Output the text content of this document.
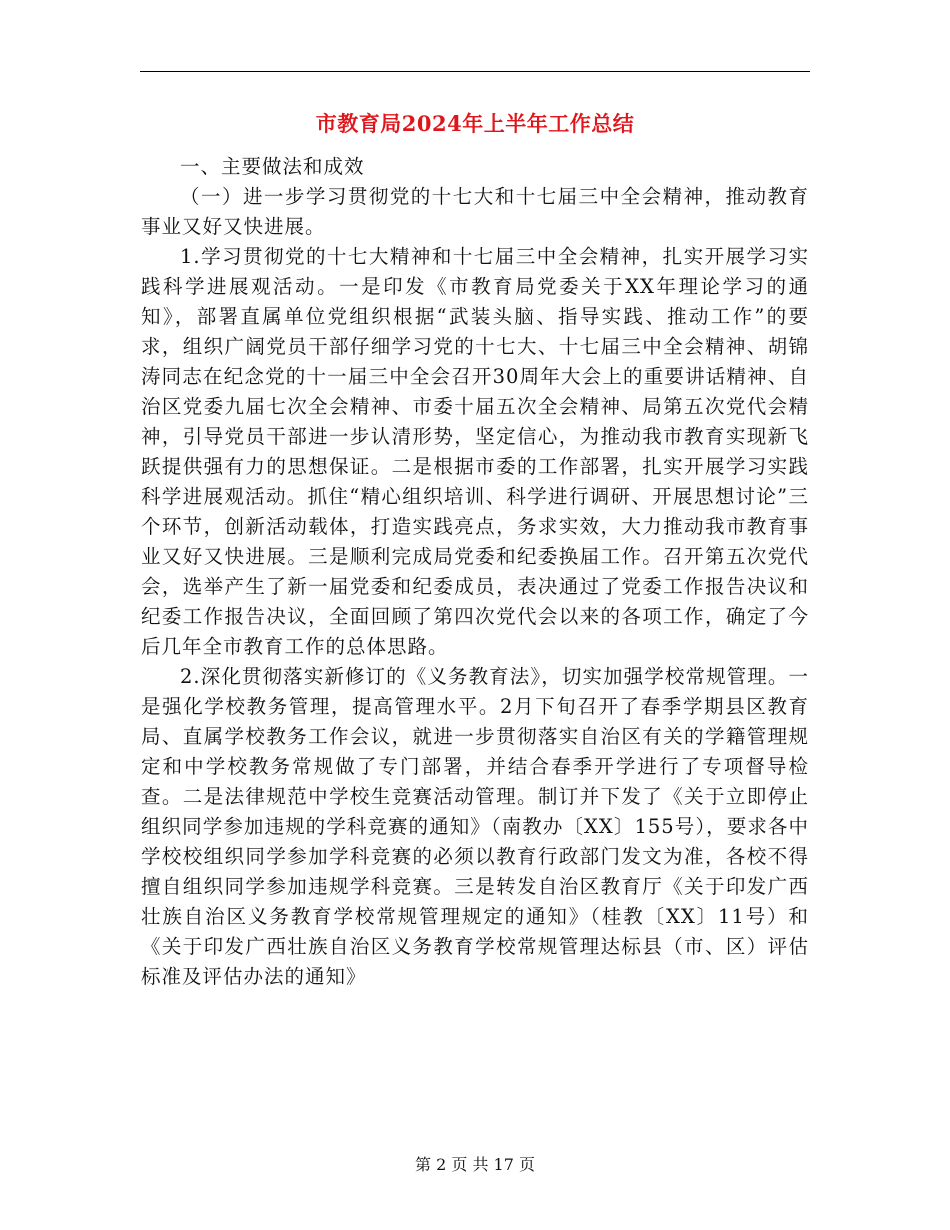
市教育局2024年上半年工作总结

一、主要做法和成效

（一）进一步学习贯彻党的十七大和十七届三中全会精神，推动教育事业又好又快进展。

1.学习贯彻党的十七大精神和十七届三中全会精神，扎实开展学习实践科学进展观活动。一是印发《市教育局党委关于XX年理论学习的通知》，部署直属单位党组织根据“武装头脑、指导实践、推动工作”的要求，组织广阔党员干部仔细学习党的十七大、十七届三中全会精神、胡锦涛同志在纪念党的十一届三中全会召开30周年大会上的重要讲话精神、自治区党委九届七次全会精神、市委十届五次全会精神、局第五次党代会精神，引导党员干部进一步认清形势，坚定信心，为推动我市教育实现新飞跃提供强有力的思想保证。二是根据市委的工作部署，扎实开展学习实践科学进展观活动。抓住“精心组织培训、科学进行调研、开展思想讨论”三个环节，创新活动载体，打造实践亮点，务求实效，大力推动我市教育事业又好又快进展。三是顺利完成局党委和纪委换届工作。召开第五次党代会，选举产生了新一届党委和纪委成员，表决通过了党委工作报告决议和纪委工作报告决议，全面回顾了第四次党代会以来的各项工作，确定了今后几年全市教育工作的总体思路。

2.深化贯彻落实新修订的《义务教育法》，切实加强学校常规管理。一是强化学校教务管理，提高管理水平。2月下旬召开了春季学期县区教育局、直属学校教务工作会议，就进一步贯彻落实自治区有关的学籍管理规定和中学校教务常规做了专门部署，并结合春季开学进行了专项督导检查。二是法律规范中学校生竞赛活动管理。制订并下发了《关于立即停止组织同学参加违规的学科竞赛的通知》（南教办〔XX〕155号），要求各中学校校组织同学参加学科竞赛的必须以教育行政部门发文为准，各校不得擅自组织同学参加违规学科竞赛。三是转发自治区教育厅《关于印发广西壮族自治区义务教育学校常规管理规定的通知》（桂教〔XX〕11号）和《关于印发广西壮族自治区义务教育学校常规管理达标县（市、区）评估标准及评估办法的通知》

第 2 页 共 17 页
